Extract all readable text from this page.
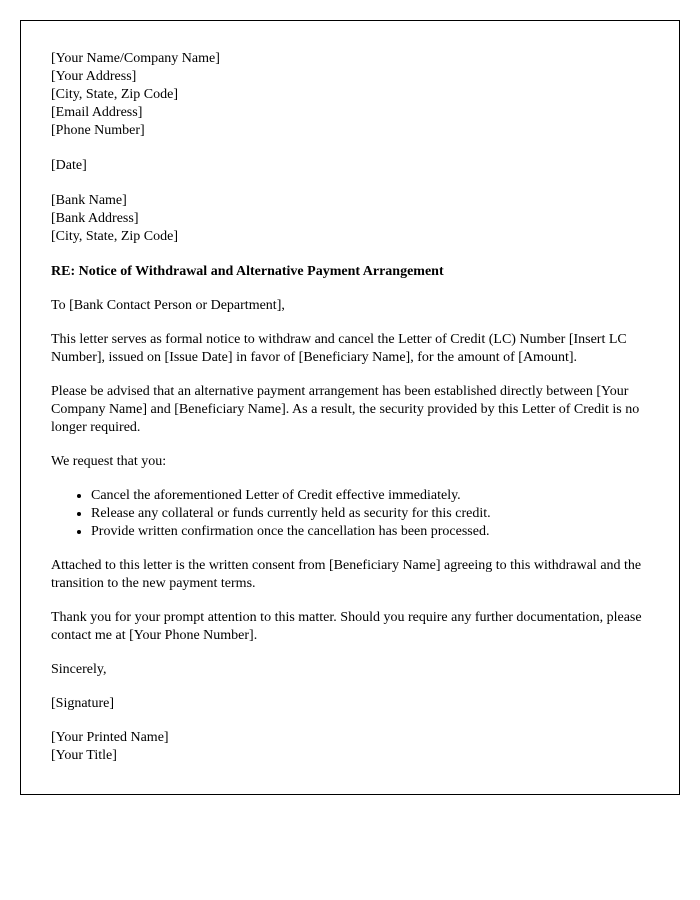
[Your Name/Company Name]

[Your Address]

[City, State, Zip Code]

[Email Address]

[Phone Number]

[Date]

[Bank Name]

[Bank Address]

[City, State, Zip Code]

RE: Notice of Withdrawal and Alternative Payment Arrangement

To [Bank Contact Person or Department],

This letter serves as formal notice to withdraw and cancel the Letter of Credit (LC) Number [Insert LC Number], issued on [Issue Date] in favor of [Beneficiary Name], for the amount of [Amount].

Please be advised that an alternative payment arrangement has been established directly between [Your Company Name] and [Beneficiary Name]. As a result, the security provided by this Letter of Credit is no longer required.

We request that you:

• Cancel the aforementioned Letter of Credit effective immediately.
• Release any collateral or funds currently held as security for this credit.
• Provide written confirmation once the cancellation has been processed.

Attached to this letter is the written consent from [Beneficiary Name] agreeing to this withdrawal and the transition to the new payment terms.

Thank you for your prompt attention to this matter. Should you require any further documentation, please contact me at [Your Phone Number].

Sincerely,

[Signature]

[Your Printed Name]

[Your Title]
